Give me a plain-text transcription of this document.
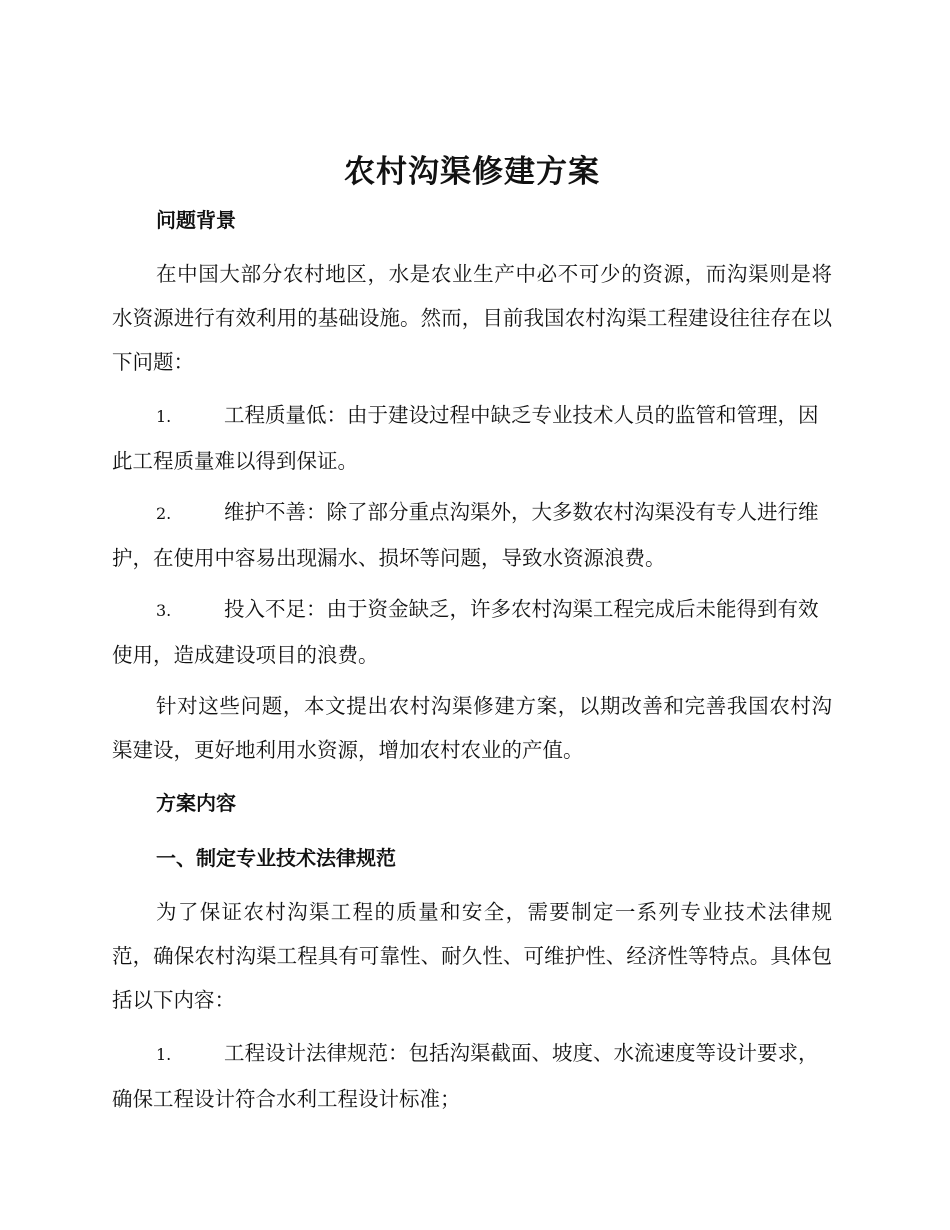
农村沟渠修建方案
问题背景

在中国大部分农村地区，水是农业生产中必不可少的资源，而沟渠则是将水资源进行有效利用的基础设施。然而，目前我国农村沟渠工程建设往往存在以下问题：

1.	工程质量低：由于建设过程中缺乏专业技术人员的监管和管理，因此工程质量难以得到保证。

2.	维护不善：除了部分重点沟渠外，大多数农村沟渠没有专人进行维护，在使用中容易出现漏水、损坏等问题，导致水资源浪费。

3.	投入不足：由于资金缺乏，许多农村沟渠工程完成后未能得到有效使用，造成建设项目的浪费。

针对这些问题，本文提出农村沟渠修建方案，以期改善和完善我国农村沟渠建设，更好地利用水资源，增加农村农业的产值。

方案内容
一、制定专业技术法律规范

为了保证农村沟渠工程的质量和安全，需要制定一系列专业技术法律规范，确保农村沟渠工程具有可靠性、耐久性、可维护性、经济性等特点。具体包括以下内容：

1.	工程设计法律规范：包括沟渠截面、坡度、水流速度等设计要求，确保工程设计符合水利工程设计标准；
